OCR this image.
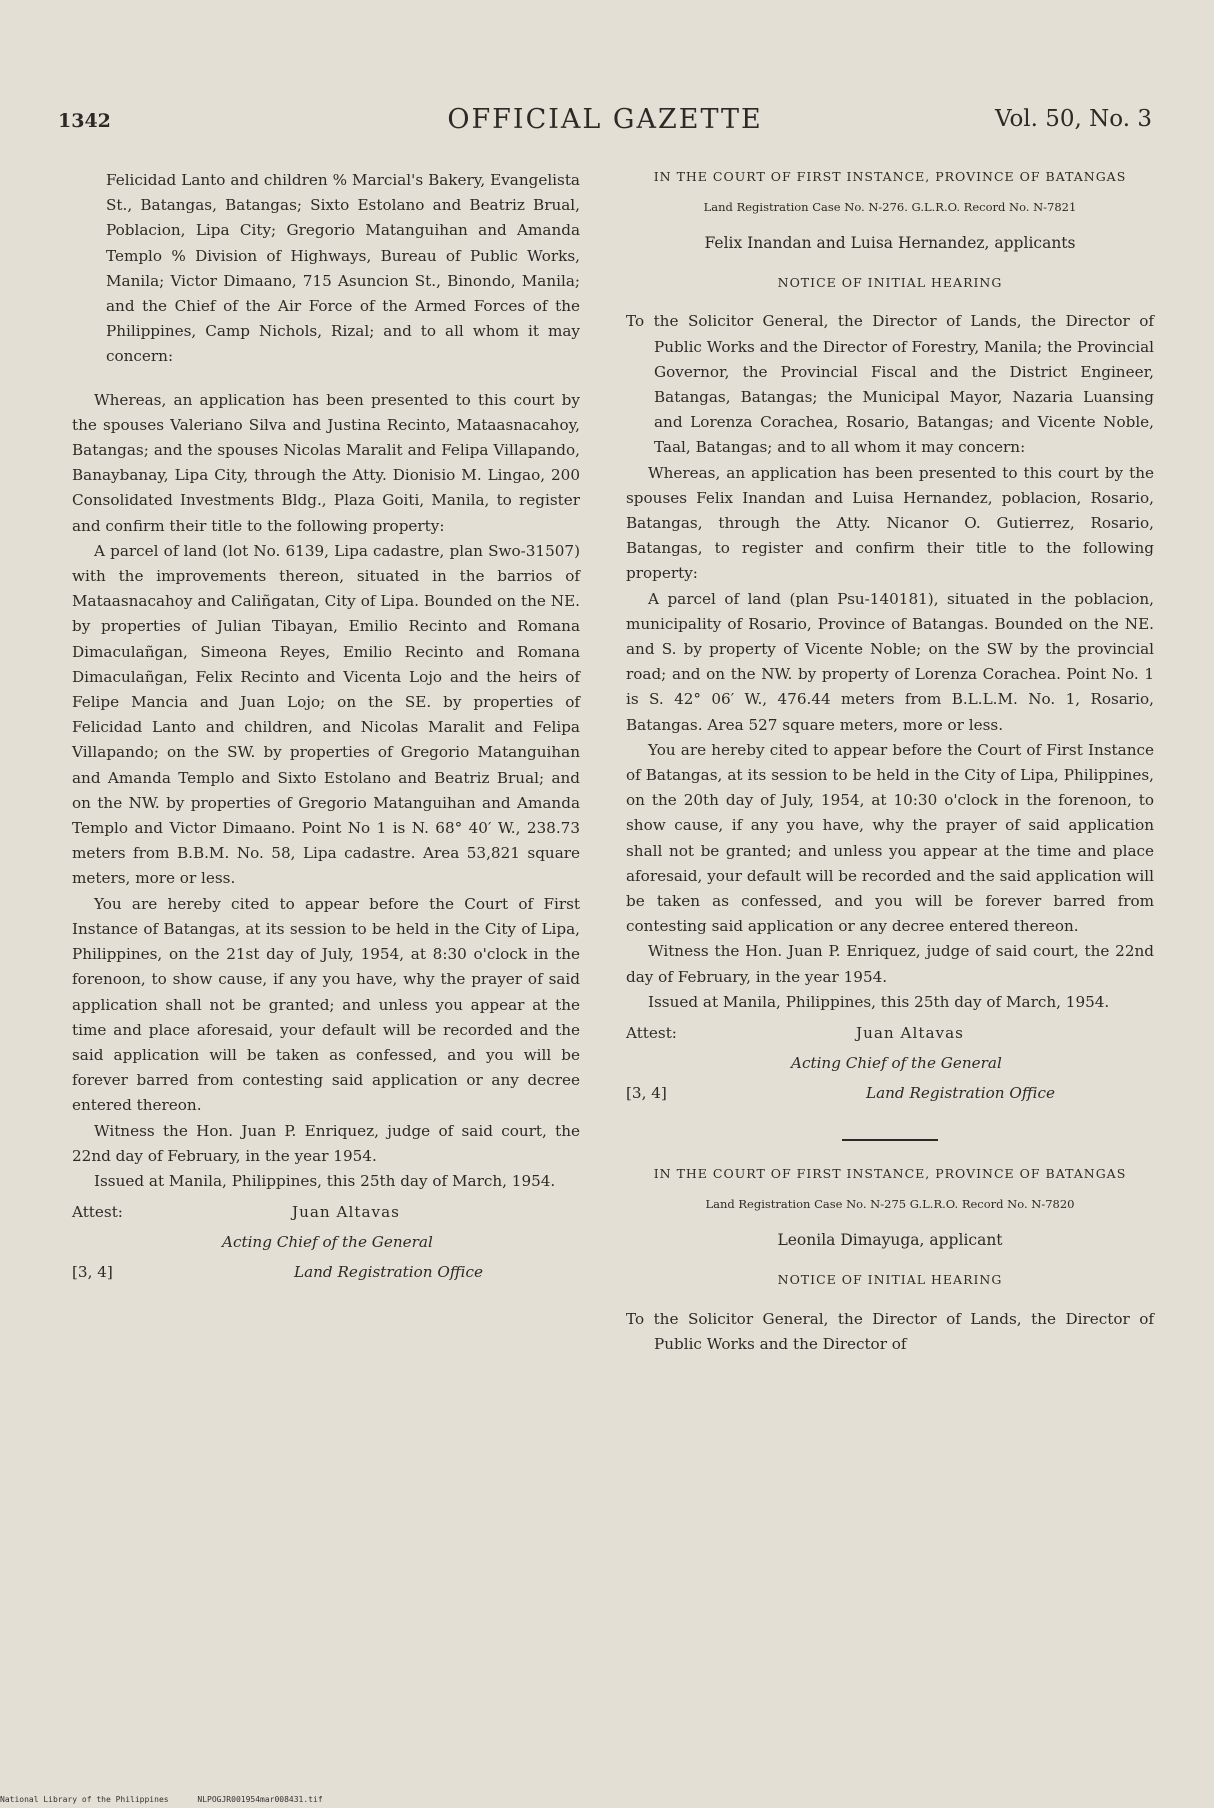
1342	OFFICIAL GAZETTE	Vol. 50, No. 3

Felicidad Lanto and children % Marcial's Bakery, Evangelista St., Batangas, Batangas; Sixto Estolano and Beatriz Brual, Poblacion, Lipa City; Gregorio Matanguihan and Amanda Templo % Division of Highways, Bureau of Public Works, Manila; Victor Dimaano, 715 Asuncion St., Binondo, Manila; and the Chief of the Air Force of the Armed Forces of the Philippines, Camp Nichols, Rizal; and to all whom it may concern:

Whereas, an application has been presented to this court by the spouses Valeriano Silva and Justina Recinto, Mataasnacahoy, Batangas; and the spouses Nicolas Maralit and Felipa Villapando, Banaybanay, Lipa City, through the Atty. Dionisio M. Lingao, 200 Consolidated Investments Bldg., Plaza Goiti, Manila, to register and confirm their title to the following property:

A parcel of land (lot No. 6139, Lipa cadastre, plan Swo-31507) with the improvements thereon, situated in the barrios of Mataasnacahoy and Caliñgatan, City of Lipa. Bounded on the NE. by properties of Julian Tibayan, Emilio Recinto and Romana Dimaculañgan, Simeona Reyes, Emilio Recinto and Romana Dimaculañgan, Felix Recinto and Vicenta Lojo and the heirs of Felipe Mancia and Juan Lojo; on the SE. by properties of Felicidad Lanto and children, and Nicolas Maralit and Felipa Villapando; on the SW. by properties of Gregorio Matanguihan and Amanda Templo and Sixto Estolano and Beatriz Brual; and on the NW. by properties of Gregorio Matanguihan and Amanda Templo and Victor Dimaano. Point No 1 is N. 68° 40′ W., 238.73 meters from B.B.M. No. 58, Lipa cadastre. Area 53,821 square meters, more or less.

You are hereby cited to appear before the Court of First Instance of Batangas, at its session to be held in the City of Lipa, Philippines, on the 21st day of July, 1954, at 8:30 o'clock in the forenoon, to show cause, if any you have, why the prayer of said application shall not be granted; and unless you appear at the time and place aforesaid, your default will be recorded and the said application will be taken as confessed, and you will be forever barred from contesting said application or any decree entered thereon.

Witness the Hon. Juan P. Enriquez, judge of said court, the 22nd day of February, in the year 1954.

Issued at Manila, Philippines, this 25th day of March, 1954.

Attest:	Juan Altavas
Acting Chief of the General
Land Registration Office
[3, 4]

IN THE COURT OF FIRST INSTANCE, PROVINCE OF BATANGAS

Land Registration Case No. N-276. G.L.R.O. Record No. N-7821

Felix Inandan and Luisa Hernandez, applicants

NOTICE OF INITIAL HEARING

To the Solicitor General, the Director of Lands, the Director of Public Works and the Director of Forestry, Manila; the Provincial Governor, the Provincial Fiscal and the District Engineer, Batangas, Batangas; the Municipal Mayor, Nazaria Luansing and Lorenza Corachea, Rosario, Batangas; and Vicente Noble, Taal, Batangas; and to all whom it may concern:

Whereas, an application has been presented to this court by the spouses Felix Inandan and Luisa Hernandez, poblacion, Rosario, Batangas, through the Atty. Nicanor O. Gutierrez, Rosario, Batangas, to register and confirm their title to the following property:

A parcel of land (plan Psu-140181), situated in the poblacion, municipality of Rosario, Province of Batangas. Bounded on the NE. and S. by property of Vicente Noble; on the SW by the provincial road; and on the NW. by property of Lorenza Corachea. Point No. 1 is S. 42° 06′ W., 476.44 meters from B.L.L.M. No. 1, Rosario, Batangas. Area 527 square meters, more or less.

You are hereby cited to appear before the Court of First Instance of Batangas, at its session to be held in the City of Lipa, Philippines, on the 20th day of July, 1954, at 10:30 o'clock in the forenoon, to show cause, if any you have, why the prayer of said application shall not be granted; and unless you appear at the time and place aforesaid, your default will be recorded and the said application will be taken as confessed, and you will be forever barred from contesting said application or any decree entered thereon.

Witness the Hon. Juan P. Enriquez, judge of said court, the 22nd day of February, in the year 1954.

Issued at Manila, Philippines, this 25th day of March, 1954.

Attest:	Juan Altavas
Acting Chief of the General
Land Registration Office
[3, 4]

IN THE COURT OF FIRST INSTANCE, PROVINCE OF BATANGAS

Land Registration Case No. N-275 G.L.R.O. Record No. N-7820

Leonila Dimayuga, applicant

NOTICE OF INITIAL HEARING

To the Solicitor General, the Director of Lands, the Director of Public Works and the Director of

National Library of the Philippines	NLPOGJR001954mar008431.tif
